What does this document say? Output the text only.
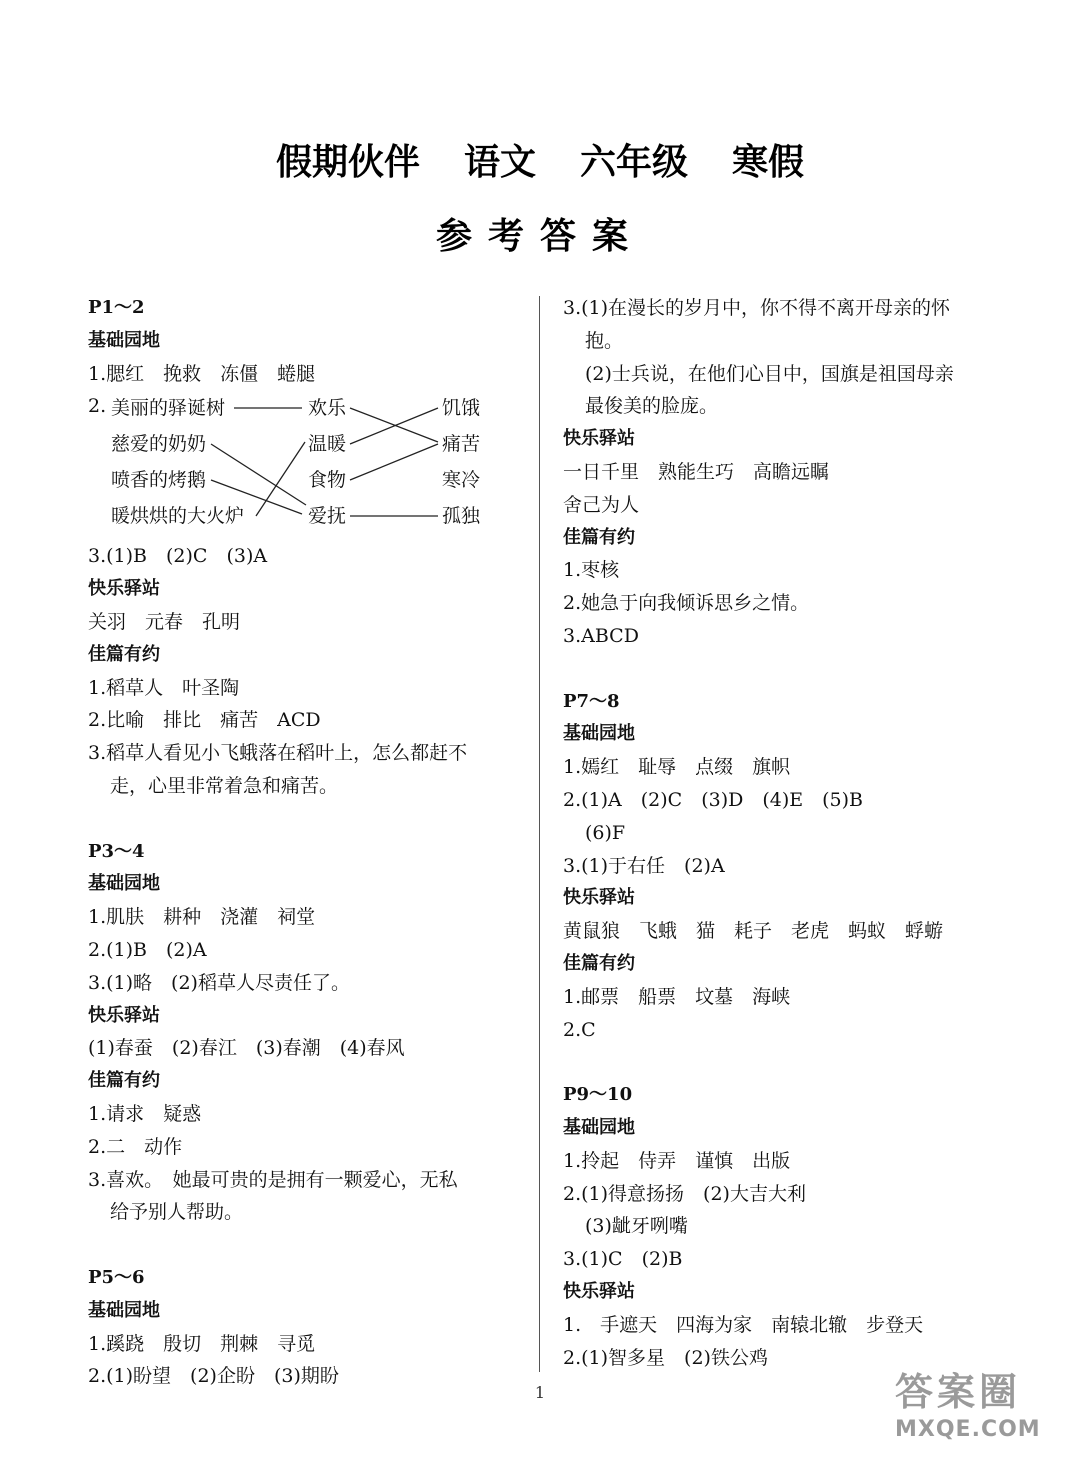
假期伙伴 语文 六年级 寒假
参考答案
P1～2
基础园地
1.腮红　挽救　冻僵　蜷腿
2. 美丽的驿诞树
慈爱的奶奶
喷香的烤鹅
暖烘烘的大火炉
欢乐
温暖
食物
爱抚
饥饿
痛苦
寒冷
孤独
3.(1)B　(2)C　(3)A
快乐驿站
关羽　元春　孔明
佳篇有约
1.稻草人　叶圣陶
2.比喻　排比　痛苦　ACD
3.稻草人看见小飞蛾落在稻叶上，怎么都赶不
走，心里非常着急和痛苦。
P3～4
基础园地
1.肌肤　耕种　浇灌　祠堂
2.(1)B　(2)A
3.(1)略　(2)稻草人尽责任了。
快乐驿站
(1)春蚕　(2)春江　(3)春潮　(4)春风
佳篇有约
1.请求　疑惑
2.二　动作
3.喜欢。　她最可贵的是拥有一颗爱心，无私
给予别人帮助。
P5～6
基础园地
1.蹊跷　殷切　荆棘　寻觅
2.(1)盼望　(2)企盼　(3)期盼
3.(1)在漫长的岁月中，你不得不离开母亲的怀
抱。
(2)士兵说，在他们心目中，国旗是祖国母亲
最俊美的脸庞。
快乐驿站
一日千里　熟能生巧　高瞻远瞩
舍己为人
佳篇有约
1.枣核
2.她急于向我倾诉思乡之情。
3.ABCD
P7～8
基础园地
1.嫣红　耻辱　点缀　旗帜
2.(1)A　(2)C　(3)D　(4)E　(5)B
(6)F
3.(1)于右任　(2)A
快乐驿站
黄鼠狼　飞蛾　猫　耗子　老虎　蚂蚁　蜉蝣
佳篇有约
1.邮票　船票　坟墓　海峡
2.C
P9～10
基础园地
1.拎起　侍弄　谨慎　出版
2.(1)得意扬扬　(2)大吉大利
(3)龇牙咧嘴
3.(1)C　(2)B
快乐驿站
1.　手遮天　四海为家　南辕北辙　步登天
2.(1)智多星　(2)铁公鸡
1	答案圈
MXQE.COM
